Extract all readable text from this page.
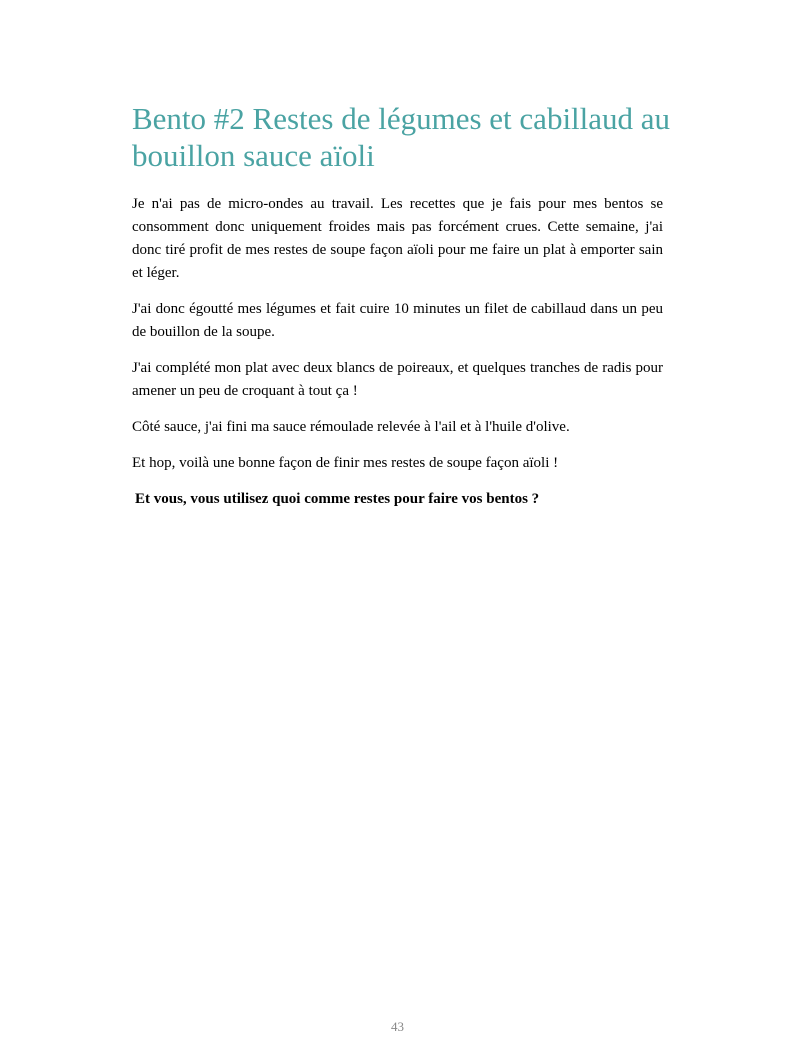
Bento #2 Restes de légumes et cabillaud au bouillon sauce aïoli

Je n'ai pas de micro-ondes au travail. Les recettes que je fais pour mes bentos se consomment donc uniquement froides mais pas forcément crues. Cette semaine, j'ai donc tiré profit de mes restes de soupe façon aïoli pour me faire un plat à emporter sain et léger.

J'ai donc égoutté mes légumes et fait cuire 10 minutes un filet de cabillaud dans un peu de bouillon de la soupe.

J'ai complété mon plat avec deux blancs de poireaux, et quelques tranches de radis pour amener un peu de croquant à tout ça !

Côté sauce, j'ai fini ma sauce rémoulade relevée à l'ail et à l'huile d'olive.

Et hop, voilà une bonne façon de finir mes restes de soupe façon aïoli !

Et vous, vous utilisez quoi comme restes pour faire vos bentos ?

43
